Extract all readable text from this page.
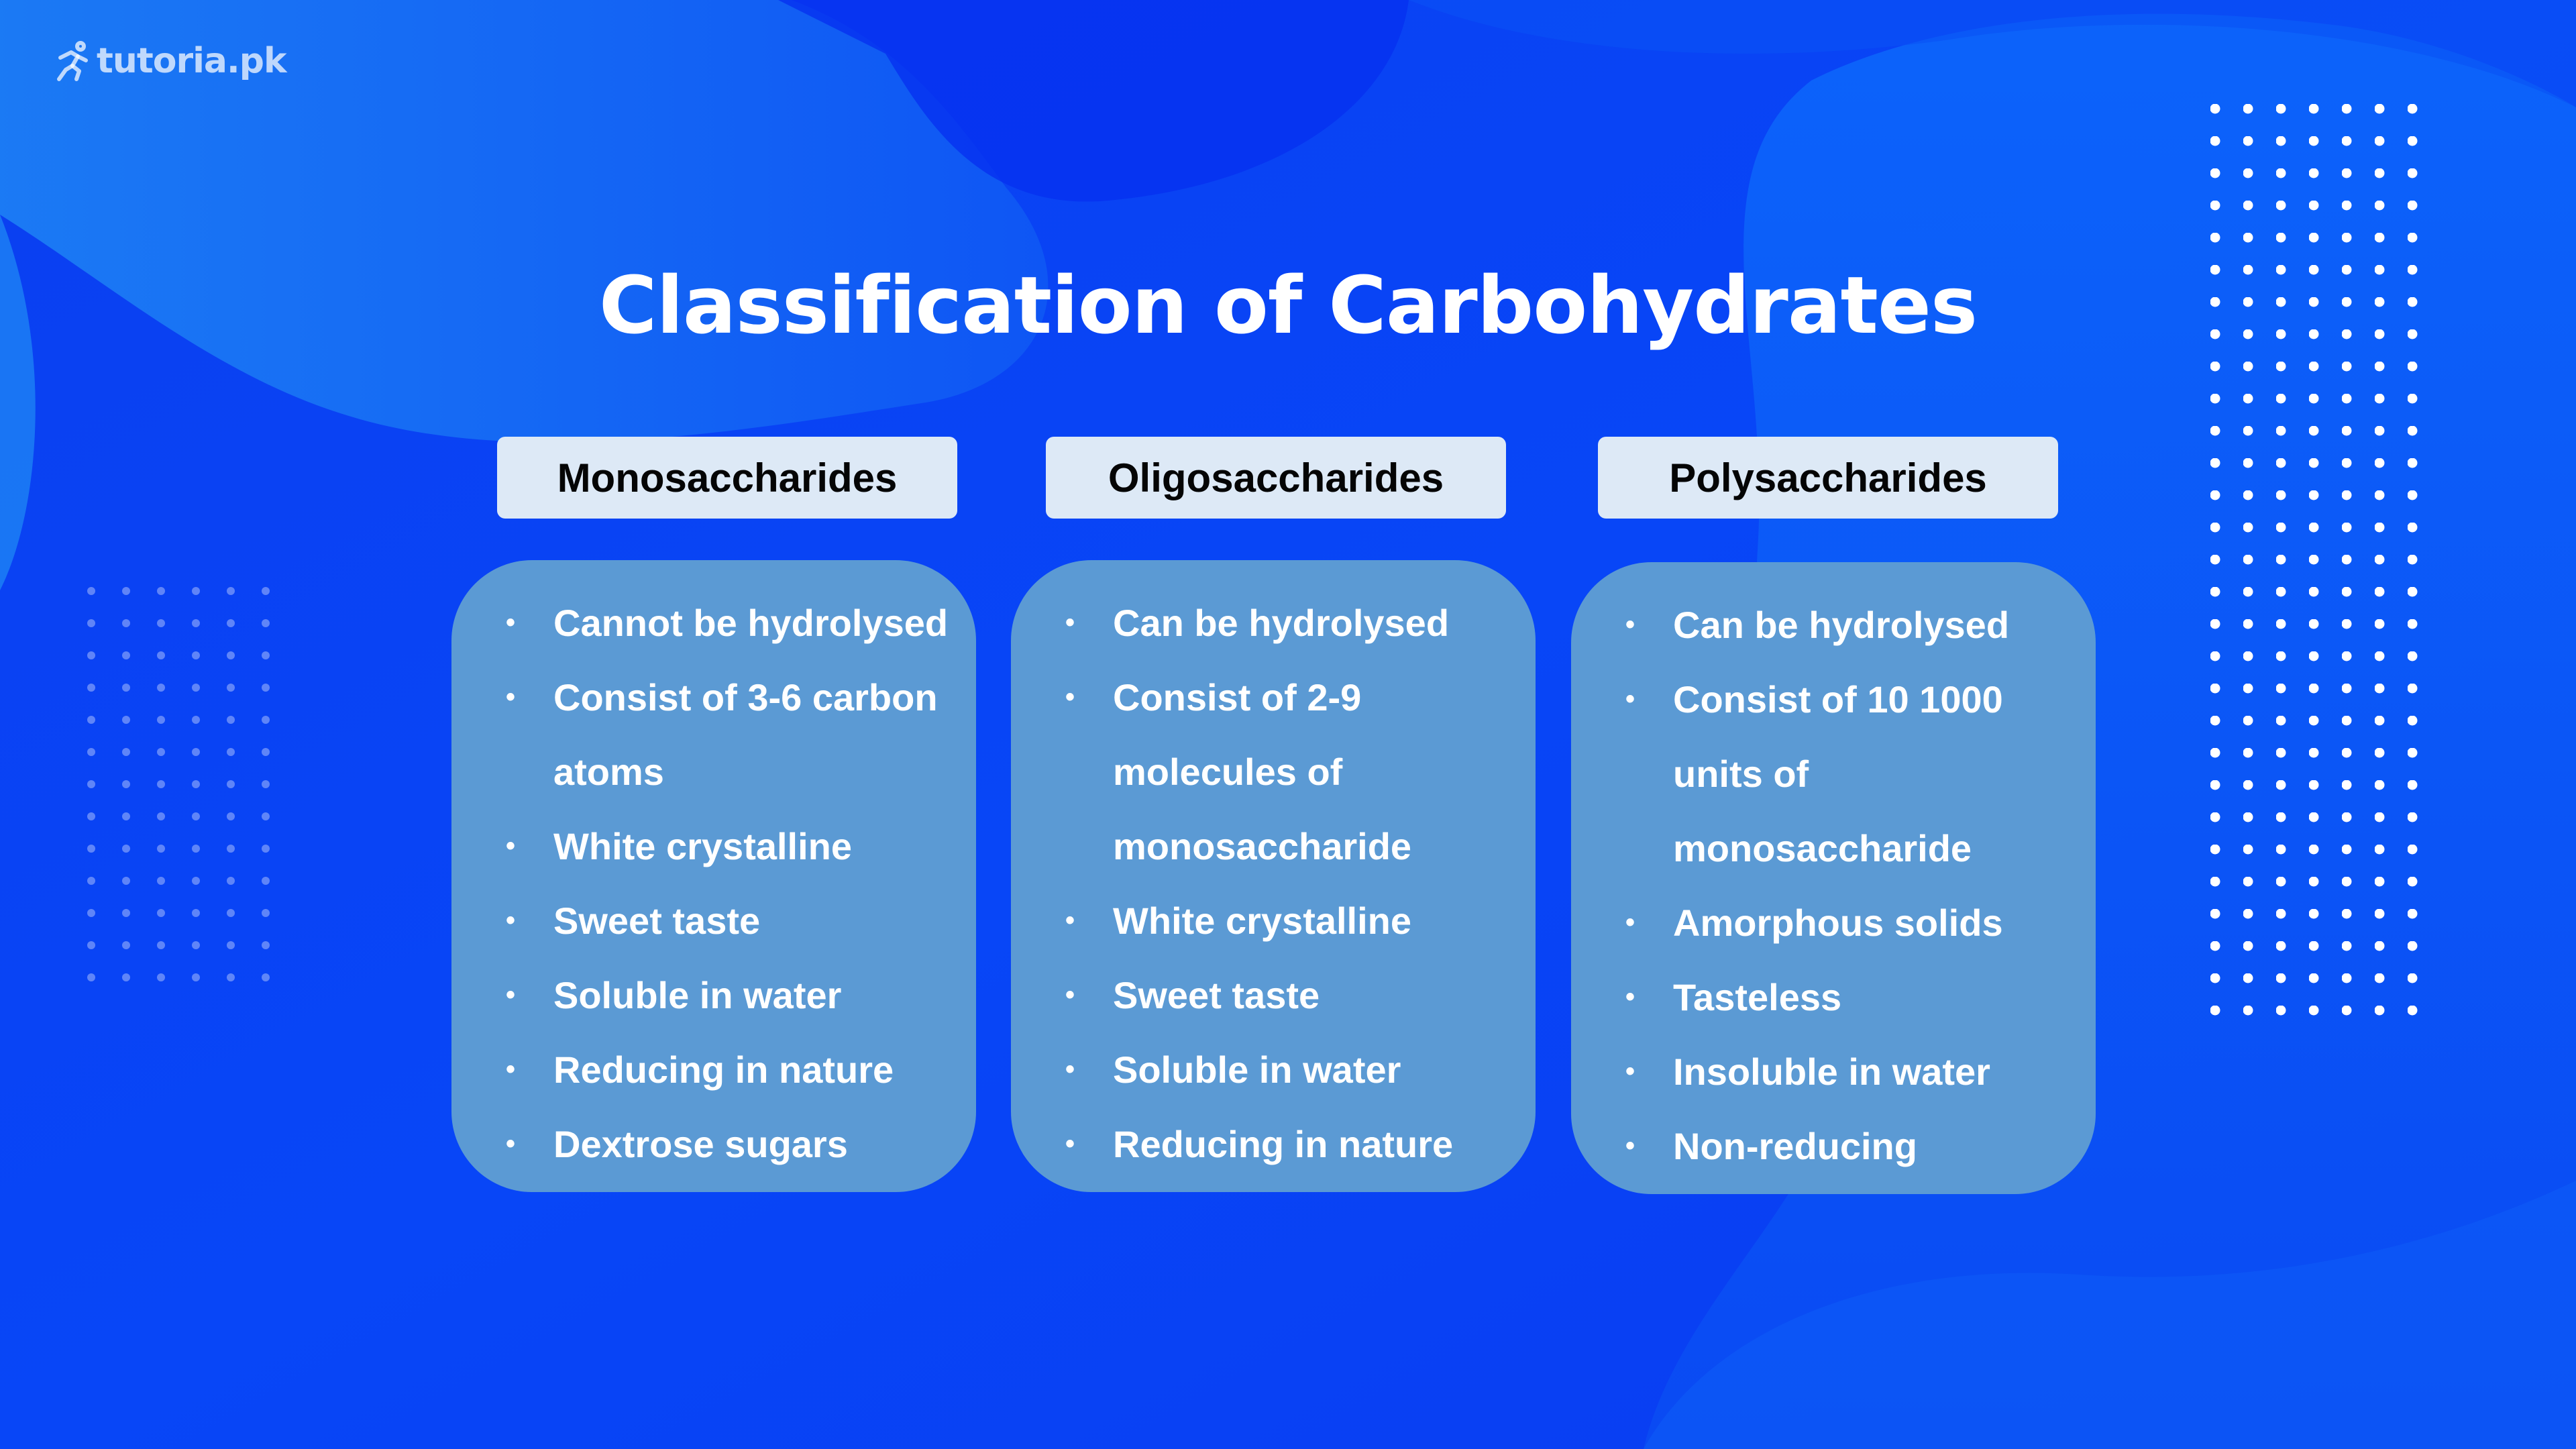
tutoria.pk
Classification of Carbohydrates
Monosaccharides	Oligosaccharides	Polysaccharides
• Cannot be hydrolysed
• Consist of 3-6 carbon
atoms
• White crystalline
• Sweet taste
• Soluble in water
• Reducing in nature
• Dextrose sugars
• Can be hydrolysed
• Consist of 2-9
molecules of
monosaccharide
• White crystalline
• Sweet taste
• Soluble in water
• Reducing in nature
• Can be hydrolysed
• Consist of 10 1000
units of
monosaccharide
• Amorphous solids
• Tasteless
• Insoluble in water
• Non-reducing
